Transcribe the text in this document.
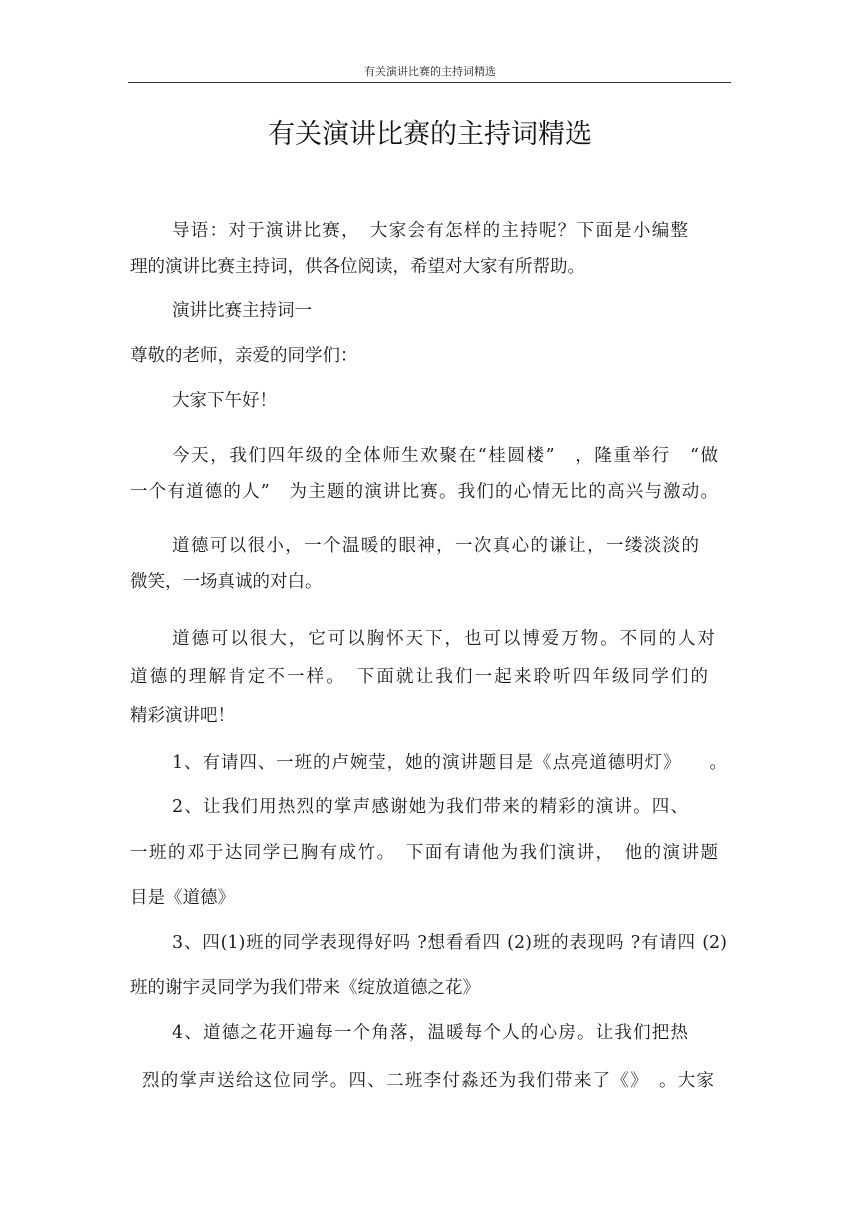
有关演讲比赛的主持词精选
有关演讲比赛的主持词精选
导语：对于演讲比赛，　大家会有怎样的主持呢？下面是小编整
理的演讲比赛主持词，供各位阅读，希望对大家有所帮助。
演讲比赛主持词一
尊敬的老师，亲爱的同学们：
大家下午好！
今天，我们四年级的全体师生欢聚在“桂圆楼”　，隆重举行　“做
一个有道德的人”　为主题的演讲比赛。我们的心情无比的高兴与激动。
道德可以很小，一个温暖的眼神，一次真心的谦让，一缕淡淡的
微笑，一场真诚的对白。
道德可以很大，它可以胸怀天下，也可以博爱万物。不同的人对
道德的理解肯定不一样。　下面就让我们一起来聆听四年级同学们的
精彩演讲吧！
1、有请四、一班的卢婉莹，她的演讲题目是《点亮道德明灯》　　。
2、让我们用热烈的掌声感谢她为我们带来的精彩的演讲。四、
一班的邓于达同学已胸有成竹。　下面有请他为我们演讲，　他的演讲题
目是《道德》
3、四(1)班的同学表现得好吗 ?想看看四 (2)班的表现吗 ?有请四 (2)
班的谢宇灵同学为我们带来《绽放道德之花》
4、道德之花开遍每一个角落，温暖每个人的心房。让我们把热
烈的掌声送给这位同学。四、二班李付淼还为我们带来了《》　。大家
